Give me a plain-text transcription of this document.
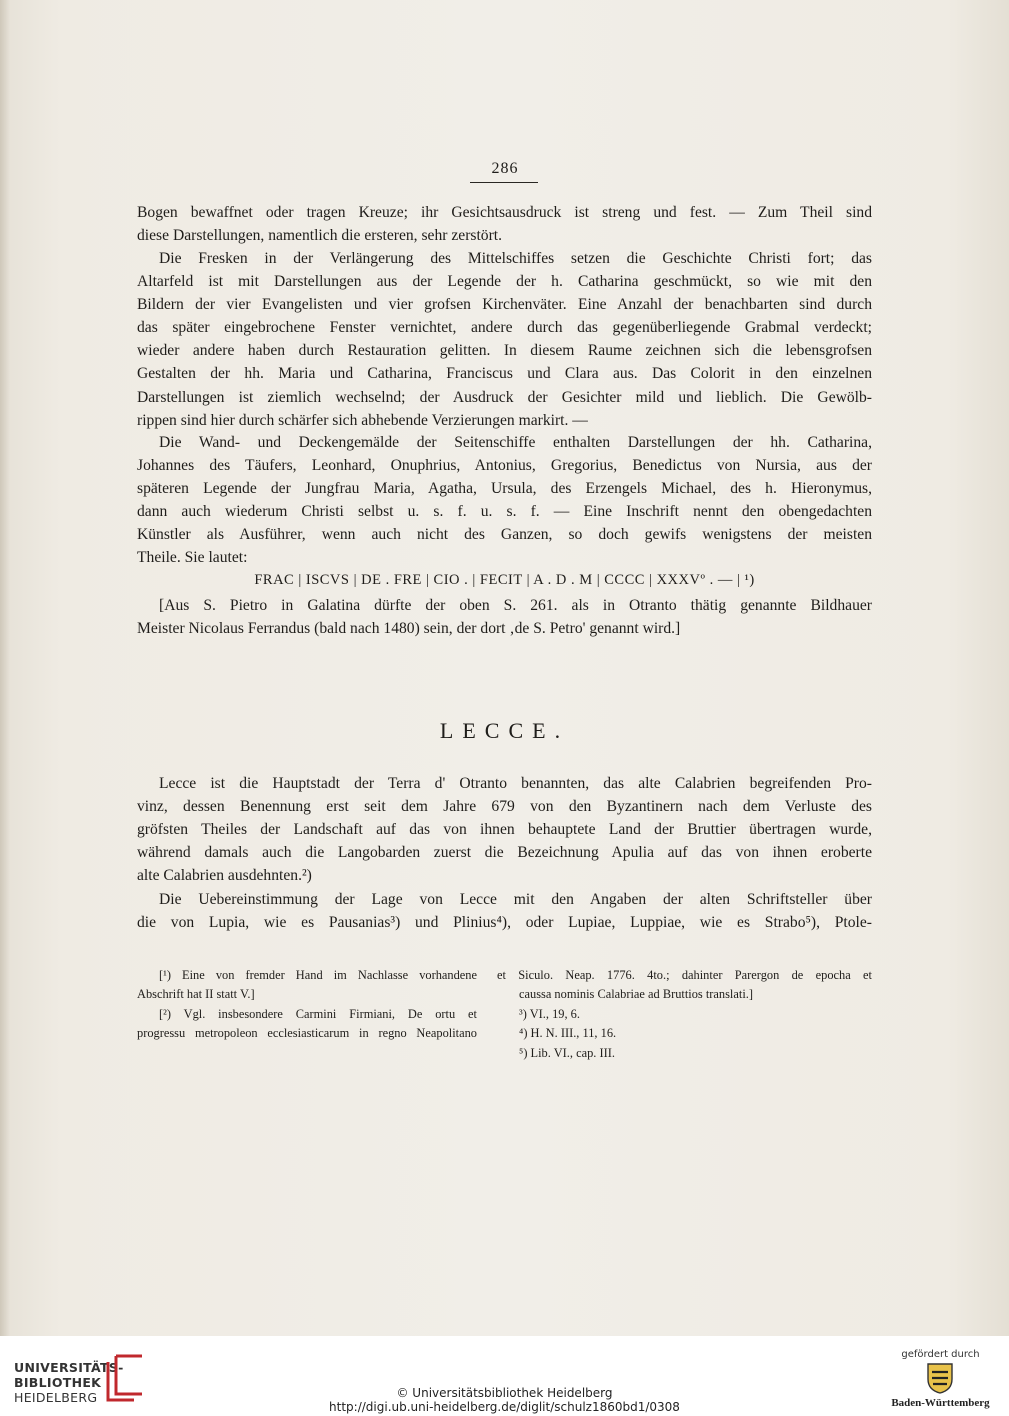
286
Bogen bewaffnet oder tragen Kreuze; ihr Gesichtsausdruck ist streng und fest. — Zum Theil sind
diese Darstellungen, namentlich die ersteren, sehr zerstört.
Die Fresken in der Verlängerung des Mittelschiffes setzen die Geschichte Christi fort; das
Altarfeld ist mit Darstellungen aus der Legende der h. Catharina geschmückt, so wie mit den
Bildern der vier Evangelisten und vier grofsen Kirchenväter. Eine Anzahl der benachbarten sind durch
das später eingebrochene Fenster vernichtet, andere durch das gegenüberliegende Grabmal verdeckt;
wieder andere haben durch Restauration gelitten. In diesem Raume zeichnen sich die lebensgrofsen
Gestalten der hh. Maria und Catharina, Franciscus und Clara aus. Das Colorit in den einzelnen
Darstellungen ist ziemlich wechselnd; der Ausdruck der Gesichter mild und lieblich. Die Gewölb-
rippen sind hier durch schärfer sich abhebende Verzierungen markirt. —
Die Wand- und Deckengemälde der Seitenschiffe enthalten Darstellungen der hh. Catharina,
Johannes des Täufers, Leonhard, Onuphrius, Antonius, Gregorius, Benedictus von Nursia, aus der
späteren Legende der Jungfrau Maria, Agatha, Ursula, des Erzengels Michael, des h. Hieronymus,
dann auch wiederum Christi selbst u. s. f. u. s. f. — Eine Inschrift nennt den obengedachten
Künstler als Ausführer, wenn auch nicht des Ganzen, so doch gewifs wenigstens der meisten
Theile. Sie lautet:
FRAC | ISCVS | DE . FRE | CIO . | FECIT | A . D . M | CCCC | XXXVº . — | ¹)
[Aus S. Pietro in Galatina dürfte der oben S. 261. als in Otranto thätig genannte Bildhauer
Meister Nicolaus Ferrandus (bald nach 1480) sein, der dort ‚de S. Petro' genannt wird.]
LECCE.
Lecce ist die Hauptstadt der Terra d' Otranto benannten, das alte Calabrien begreifenden Pro-
vinz, dessen Benennung erst seit dem Jahre 679 von den Byzantinern nach dem Verluste des
gröfsten Theiles der Landschaft auf das von ihnen behauptete Land der Bruttier übertragen wurde,
während damals auch die Langobarden zuerst die Bezeichnung Apulia auf das von ihnen eroberte
alte Calabrien ausdehnten.²)
Die Uebereinstimmung der Lage von Lecce mit den Angaben der alten Schriftsteller über
die von Lupia, wie es Pausanias³) und Plinius⁴), oder Lupiae, Luppiae, wie es Strabo⁵), Ptole-
[¹) Eine von fremder Hand im Nachlasse vorhandene
Abschrift hat II statt V.]
[²) Vgl. insbesondere Carmini Firmiani, De ortu et
progressu metropoleon ecclesiasticarum in regno Neapolitano
et Siculo. Neap. 1776. 4to.; dahinter Parergon de epocha et
caussa nominis Calabriae ad Bruttios translati.]
³) VI., 19, 6.
⁴) H. N. III., 11, 16.
⁵) Lib. VI., cap. III.
UNIVERSITÄTS-
BIBLIOTHEK
HEIDELBERG	© Universitätsbibliothek Heidelberg
http://digi.ub.uni-heidelberg.de/diglit/schulz1860bd1/0308
gefördert durch
Baden-Württemberg
